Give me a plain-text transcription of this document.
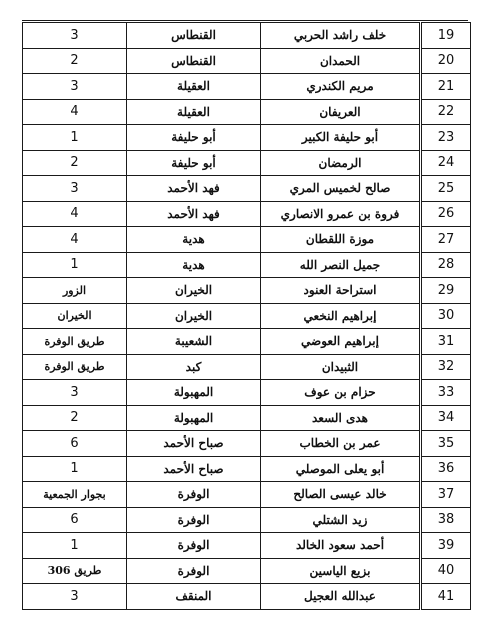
19	خلف راشد الحربي	القنطاس	3
20	الحمدان	القنطاس	2
21	مريم الكندري	العقيلة	3
22	العريفان	العقيلة	4
23	أبو حليفة الكبير	أبو حليفة	1
24	الرمضان	أبو حليفة	2
25	صالح لخميس المري	فهد الأحمد	3
26	فروة بن عمرو الانصاري	فهد الأحمد	4
27	موزة اللقطان	هدية	4
28	جميل النصر الله	هدية	1
29	استراحة العنود	الخيران	الزور
30	إبراهيم النخعي	الخيران	الخيران
31	إبراهيم العوضي	الشعيبة	طريق الوفرة
32	الثبيدان	كبد	طريق الوفرة
33	حزام بن عوف	المهبولة	3
34	هدى السعد	المهبولة	2
35	عمر بن الخطاب	صباح الأحمد	6
36	أبو يعلى الموصلي	صباح الأحمد	1
37	خالد عيسى الصالح	الوفرة	بجوار الجمعية
38	زيد الشتلي	الوفرة	6
39	أحمد سعود الخالد	الوفرة	1
40	بزيع الياسين	الوفرة	طريق 306
41	عبدالله العجيل	المنقف	3
